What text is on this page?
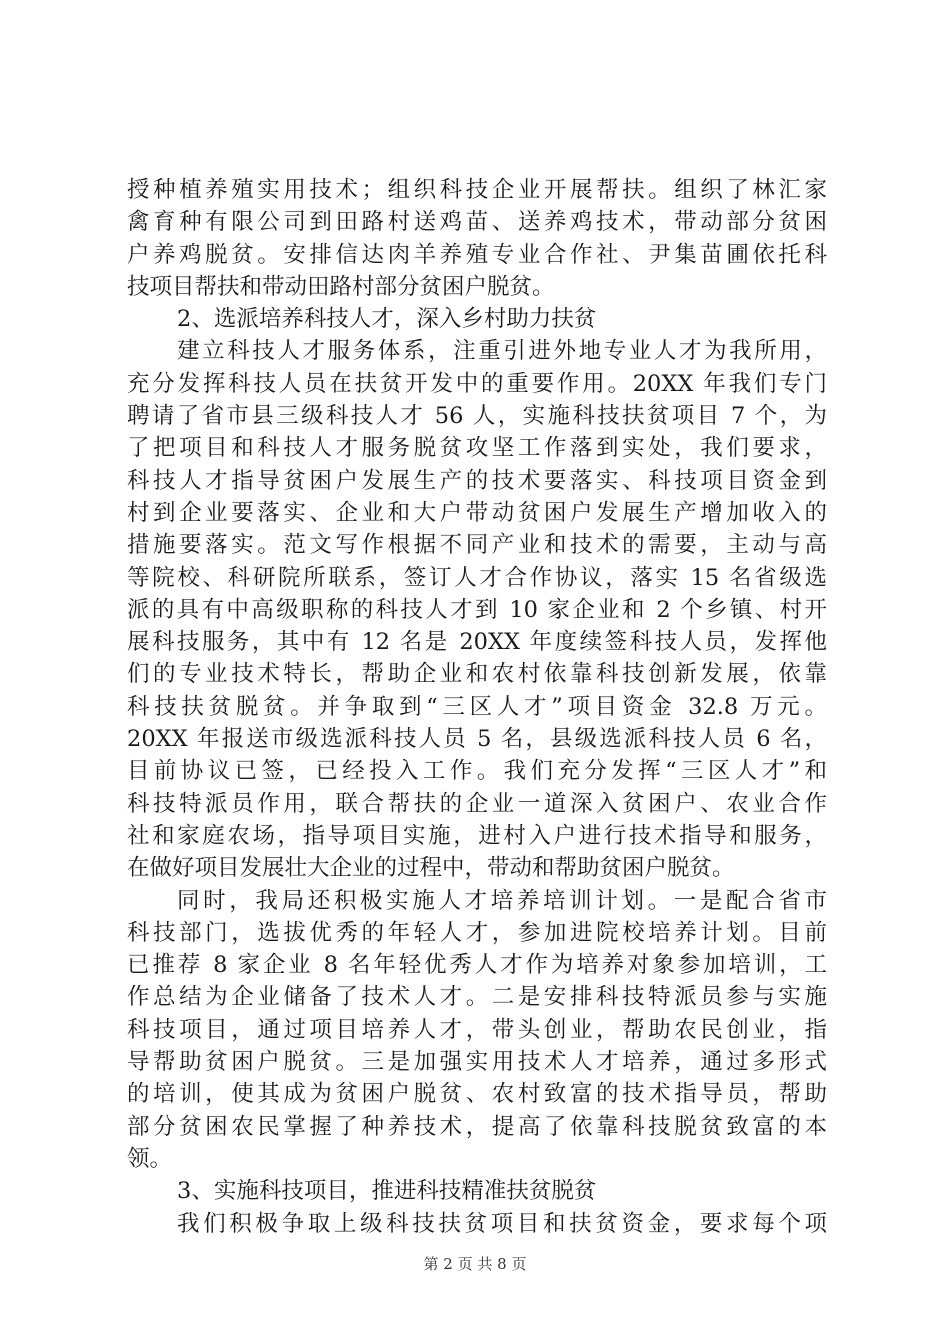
授种植养殖实用技术；组织科技企业开展帮扶。组织了林汇家
禽育种有限公司到田路村送鸡苗、送养鸡技术，带动部分贫困
户养鸡脱贫。安排信达肉羊养殖专业合作社、尹集苗圃依托科
技项目帮扶和带动田路村部分贫困户脱贫。
2、选派培养科技人才，深入乡村助力扶贫
建立科技人才服务体系，注重引进外地专业人才为我所用，
充分发挥科技人员在扶贫开发中的重要作用。20XX 年我们专门
聘请了省市县三级科技人才 56 人，实施科技扶贫项目 7 个，为
了把项目和科技人才服务脱贫攻坚工作落到实处，我们要求，
科技人才指导贫困户发展生产的技术要落实、科技项目资金到
村到企业要落实、企业和大户带动贫困户发展生产增加收入的
措施要落实。范文写作根据不同产业和技术的需要，主动与高
等院校、科研院所联系，签订人才合作协议，落实 15 名省级选
派的具有中高级职称的科技人才到 10 家企业和 2 个乡镇、村开
展科技服务，其中有 12 名是 20XX 年度续签科技人员，发挥他
们的专业技术特长，帮助企业和农村依靠科技创新发展，依靠
科技扶贫脱贫。并争取到“三区人才”项目资金 32.8 万元。
20XX 年报送市级选派科技人员 5 名，县级选派科技人员 6 名，
目前协议已签，已经投入工作。我们充分发挥“三区人才”和
科技特派员作用，联合帮扶的企业一道深入贫困户、农业合作
社和家庭农场，指导项目实施，进村入户进行技术指导和服务，
在做好项目发展壮大企业的过程中，带动和帮助贫困户脱贫。
同时，我局还积极实施人才培养培训计划。一是配合省市
科技部门，选拔优秀的年轻人才，参加进院校培养计划。目前
已推荐 8 家企业 8 名年轻优秀人才作为培养对象参加培训，工
作总结为企业储备了技术人才。二是安排科技特派员参与实施
科技项目，通过项目培养人才，带头创业，帮助农民创业，指
导帮助贫困户脱贫。三是加强实用技术人才培养，通过多形式
的培训，使其成为贫困户脱贫、农村致富的技术指导员，帮助
部分贫困农民掌握了种养技术，提高了依靠科技脱贫致富的本
领。
3、实施科技项目，推进科技精准扶贫脱贫
我们积极争取上级科技扶贫项目和扶贫资金，要求每个项
第 2 页 共 8 页
